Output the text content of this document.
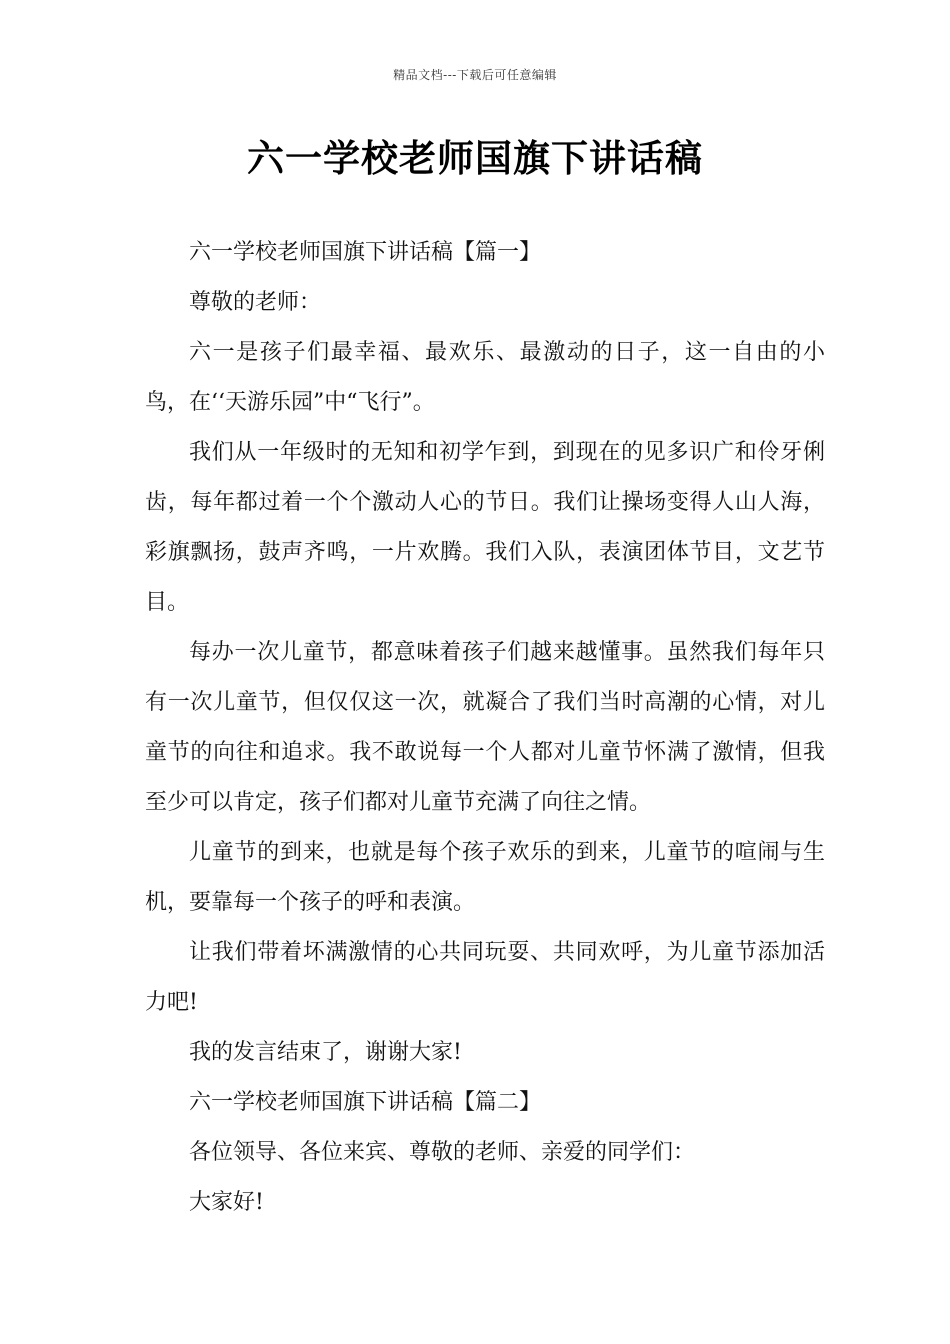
精品文档---下载后可任意编辑
六一学校老师国旗下讲话稿

六一学校老师国旗下讲话稿【篇一】

尊敬的老师：

六一是孩子们最幸福、最欢乐、最激动的日子，这一自由的小鸟，在‘‘天游乐园”中“飞行”。

我们从一年级时的无知和初学乍到，到现在的见多识广和伶牙俐齿，每年都过着一个个激动人心的节日。我们让操场变得人山人海，彩旗飘扬，鼓声齐鸣，一片欢腾。我们入队，表演团体节目，文艺节目。

每办一次儿童节，都意味着孩子们越来越懂事。虽然我们每年只有一次儿童节，但仅仅这一次，就凝合了我们当时高潮的心情，对儿童节的向往和追求。我不敢说每一个人都对儿童节怀满了激情，但我至少可以肯定，孩子们都对儿童节充满了向往之情。

儿童节的到来，也就是每个孩子欢乐的到来，儿童节的喧闹与生机，要靠每一个孩子的呼和表演。

让我们带着坏满激情的心共同玩耍、共同欢呼，为儿童节添加活力吧!

我的发言结束了，谢谢大家!

六一学校老师国旗下讲话稿【篇二】

各位领导、各位来宾、尊敬的老师、亲爱的同学们：

大家好!
